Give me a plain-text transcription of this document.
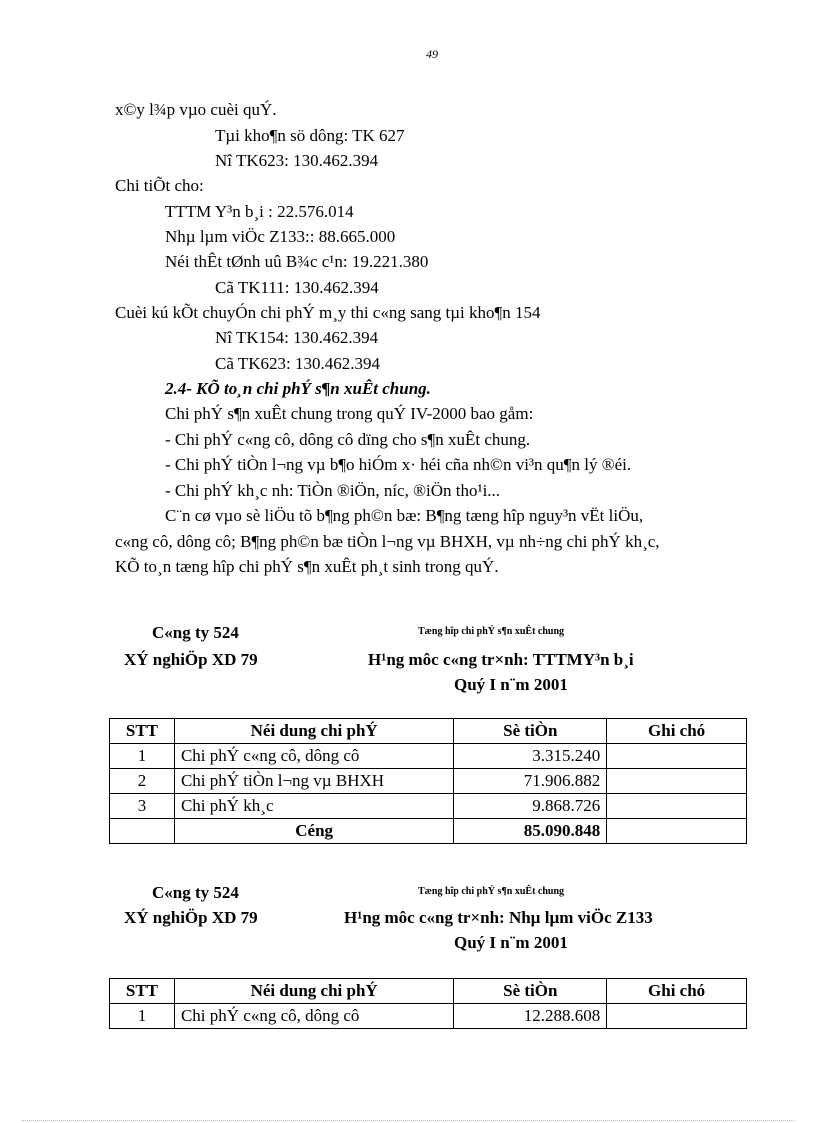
49
x©y l¾p vµo cuèi quÝ.
Tµi kho¶n sö dông: TK 627
Nî TK623: 130.462.394
Chi tiÕt cho:
TTTM Y³n b¸i : 22.576.014
Nhµ lµm viÖc Z133:: 88.665.000
Néi thÊt tØnh uû B¾c c¹n: 19.221.380
Cã TK111: 130.462.394
Cuèi kú kÕt chuyÓn chi phÝ m¸y thi c«ng sang tµi kho¶n 154
Nî TK154: 130.462.394
Cã TK623: 130.462.394
2.4- KÕ to¸n chi phÝ s¶n xuÊt chung.
Chi phÝ s¶n xuÊt chung trong quÝ IV-2000 bao gåm:
- Chi phÝ c«ng cô, dông cô dïng cho s¶n xuÊt chung.
- Chi phÝ tiÒn l¬ng vµ b¶o hiÓm x· héi cña nh©n vi³n qu¶n lý ®éi.
- Chi phÝ kh¸c nh: TiÒn ®iÖn, níc, ®iÖn tho¹i...
C¨n cø vµo sè liÖu tõ b¶ng ph©n bæ: B¶ng tæng hîp nguy³n vËt liÖu,
c«ng cô, dông cô; B¶ng ph©n bæ tiÒn l¬ng vµ BHXH, vµ nh÷ng chi phÝ kh¸c,
KÕ to¸n tæng hîp chi phÝ s¶n xuÊt ph¸t sinh trong quÝ.
C«ng ty 524	Tæng hîp chi phÝ s¶n xuÊt chung
XÝ nghiÖp XD 79	H¹ng môc c«ng tr×nh: TTTMY³n b¸i
Quý I n¨m 2001
STT	Néi dung chi phÝ	Sè tiÒn	Ghi chó
1	Chi phÝ c«ng cô, dông cô	3.315.240	
2	Chi phÝ tiÒn l¬ng vµ BHXH	71.906.882	
3	Chi phÝ kh¸c	9.868.726	
	Céng	85.090.848	
C«ng ty 524	Tæng hîp chi phÝ s¶n xuÊt chung
XÝ nghiÖp XD 79	H¹ng môc c«ng tr×nh: Nhµ lµm viÖc Z133
Quý I n¨m 2001
STT	Néi dung chi phÝ	Sè tiÒn	Ghi chó
1	Chi phÝ c«ng cô, dông cô	12.288.608	
